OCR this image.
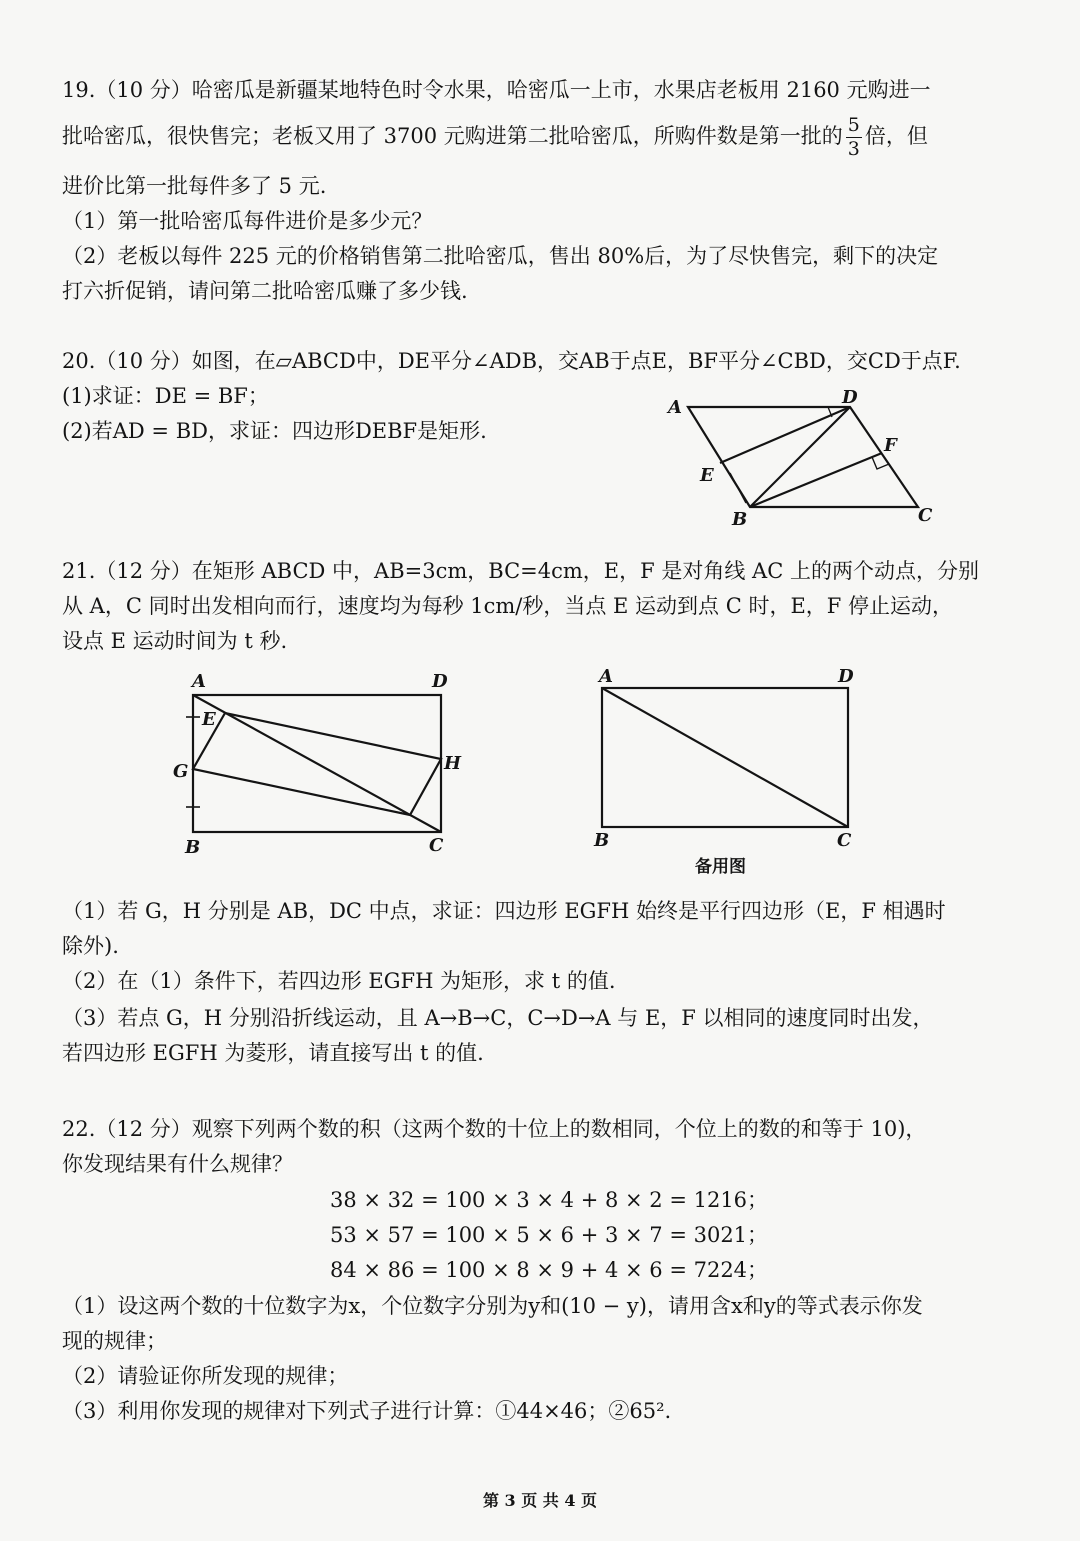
19.（10 分）哈密瓜是新疆某地特色时令水果，哈密瓜一上市，水果店老板用 2160 元购进一
批哈密瓜，很快售完；老板又用了 3700 元购进第二批哈密瓜，所购件数是第一批的 $\frac{5}{3}$ 倍，但
进价比第一批每件多了 5 元.
（1）第一批哈密瓜每件进价是多少元？
（2）老板以每件 225 元的价格销售第二批哈密瓜，售出 80%后，为了尽快售完，剩下的决定
打六折促销，请问第二批哈密瓜赚了多少钱.
20.（10 分）如图，在▱ABCD中，DE平分∠ADB，交AB于点E，BF平分∠CBD，交CD于点F.
(1)求证：DE = BF；
(2)若AD = BD，求证：四边形DEBF是矩形.
A	D
F
E
B	C
21.（12 分）在矩形 ABCD 中，AB=3cm，BC=4cm，E，F 是对角线 AC 上的两个动点，分别
从 A，C 同时出发相向而行，速度均为每秒 1cm/秒，当点 E 运动到点 C 时，E，F 停止运动，
设点 E 运动时间为 t 秒.
A	D
E
G	H
B	C
A	D
B	C
备用图
（1）若 G，H 分别是 AB，DC 中点，求证：四边形 EGFH 始终是平行四边形（E，F 相遇时
除外).
（2）在（1）条件下，若四边形 EGFH 为矩形，求 t 的值.
（3）若点 G，H 分别沿折线运动，且 A→B→C，C→D→A 与 E，F 以相同的速度同时出发，
若四边形 EGFH 为菱形，请直接写出 t 的值.
22.（12 分）观察下列两个数的积（这两个数的十位上的数相同，个位上的数的和等于 10)，
你发现结果有什么规律？
38 × 32 = 100 × 3 × 4 + 8 × 2 = 1216；
53 × 57 = 100 × 5 × 6 + 3 × 7 = 3021；
84 × 86 = 100 × 8 × 9 + 4 × 6 = 7224；
（1）设这两个数的十位数字为x，个位数字分别为y和(10 − y)，请用含x和y的等式表示你发
现的规律；
（2）请验证你所发现的规律；
（3）利用你发现的规律对下列式子进行计算：①44×46；②65².
第 3 页 共 4 页
